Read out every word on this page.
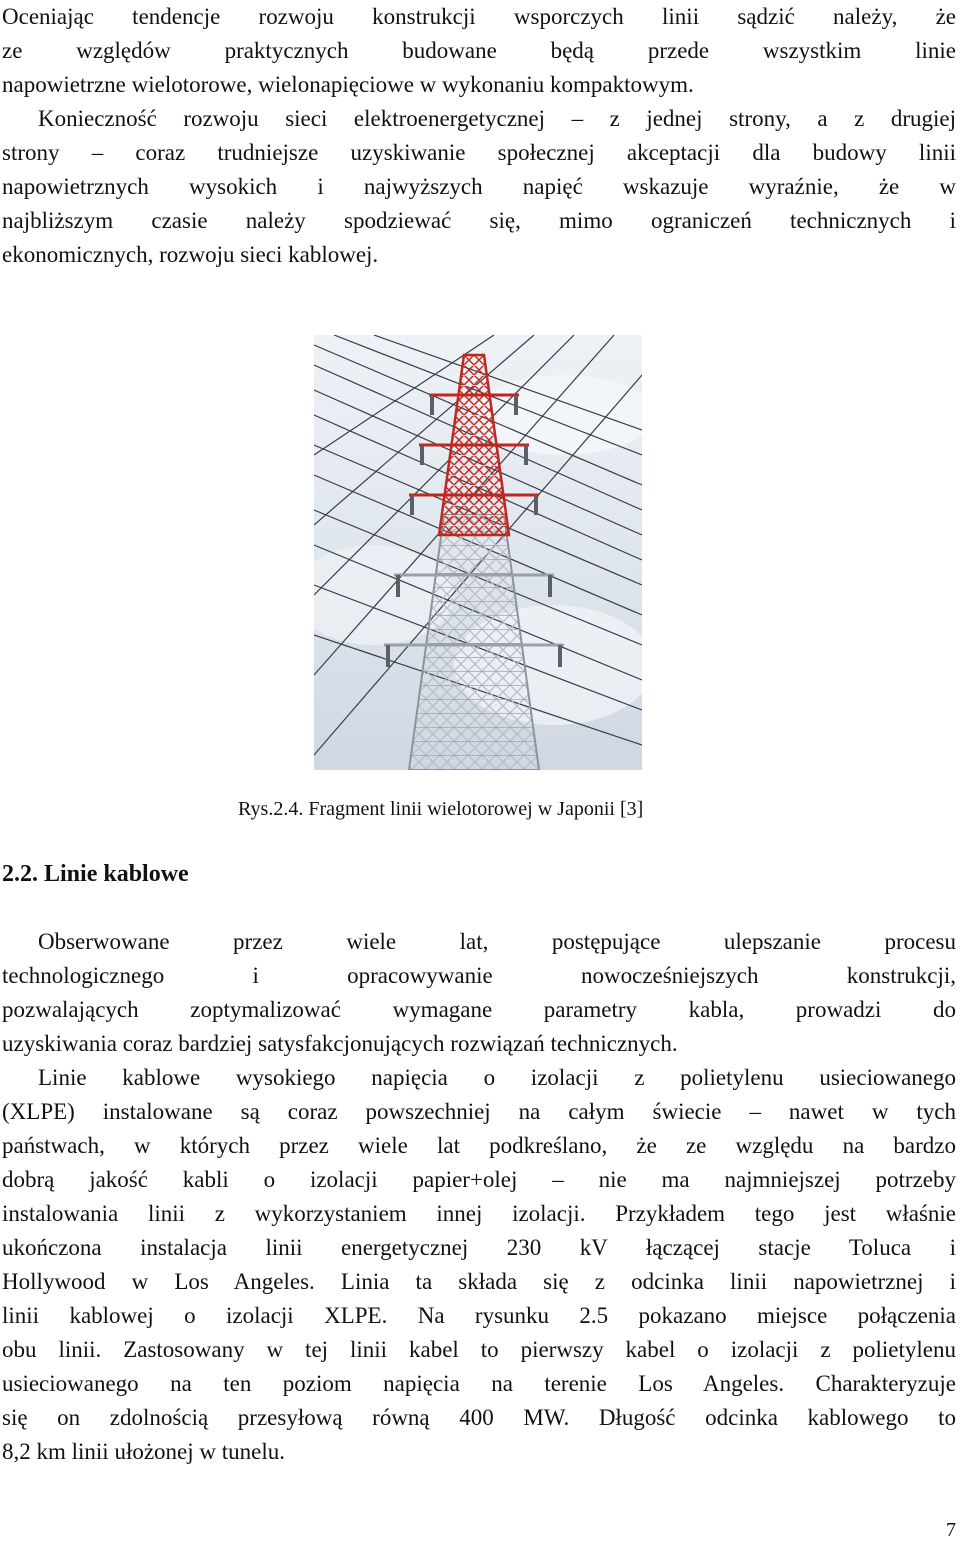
Oceniając tendencje rozwoju konstrukcji wsporczych linii sądzić należy, że
ze względów praktycznych budowane będą przede wszystkim linie
napowietrzne wielotorowe, wielonapięciowe w wykonaniu kompaktowym.
Konieczność rozwoju sieci elektroenergetycznej – z jednej strony, a z drugiej
strony – coraz trudniejsze uzyskiwanie społecznej akceptacji dla budowy linii
napowietrznych wysokich i najwyższych napięć wskazuje wyraźnie, że w
najbliższym czasie należy spodziewać się, mimo ograniczeń technicznych i
ekonomicznych, rozwoju sieci kablowej.
Rys.2.4. Fragment linii wielotorowej w Japonii [3]
2.2. Linie kablowe
Obserwowane przez wiele lat, postępujące ulepszanie procesu
technologicznego i opracowywanie nowocześniejszych konstrukcji,
pozwalających zoptymalizować wymagane parametry kabla, prowadzi do
uzyskiwania coraz bardziej satysfakcjonujących rozwiązań technicznych.
Linie kablowe wysokiego napięcia o izolacji z polietylenu usieciowanego
(XLPE) instalowane są coraz powszechniej na całym świecie – nawet w tych
państwach, w których przez wiele lat podkreślano, że ze względu na bardzo
dobrą jakość kabli o izolacji papier+olej – nie ma najmniejszej potrzeby
instalowania linii z wykorzystaniem innej izolacji. Przykładem tego jest właśnie
ukończona instalacja linii energetycznej 230 kV łączącej stacje Toluca i
Hollywood w Los Angeles. Linia ta składa się z odcinka linii napowietrznej i
linii kablowej o izolacji XLPE. Na rysunku 2.5 pokazano miejsce połączenia
obu linii. Zastosowany w tej linii kabel to pierwszy kabel o izolacji z polietylenu
usieciowanego na ten poziom napięcia na terenie Los Angeles. Charakteryzuje
się on zdolnością przesyłową równą 400 MW. Długość odcinka kablowego to
8,2 km linii ułożonej w tunelu.
7
